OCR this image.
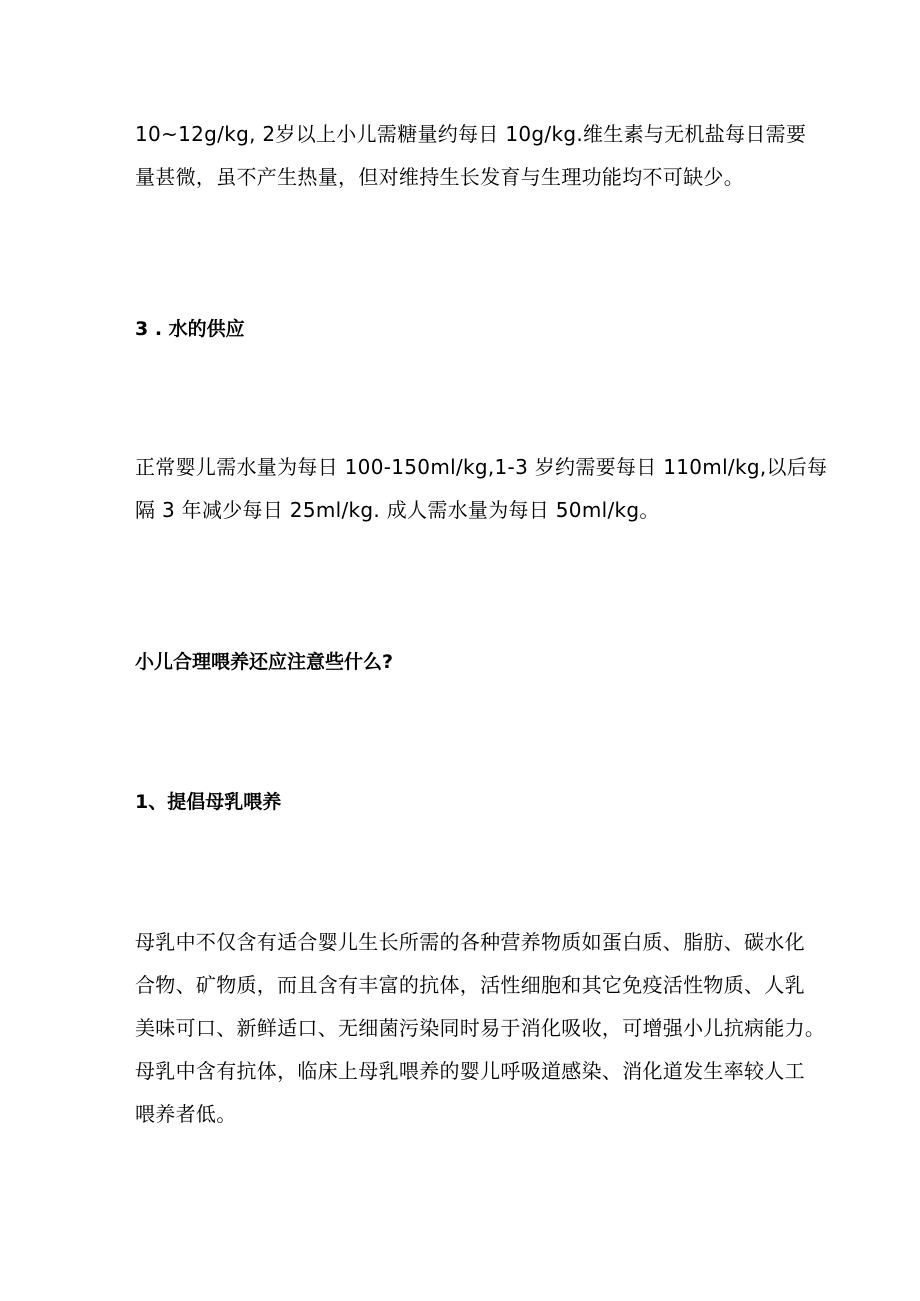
10~12g/kg, 2岁以上小儿需糖量约每日 10g/kg.维生素与无机盐每日需要
量甚微，虽不产生热量，但对维持生长发育与生理功能均不可缺少。

3 . 水的供应

正常婴儿需水量为每日 100-150ml/kg,1-3 岁约需要每日 110ml/kg,以后每
隔 3 年减少每日 25ml/kg. 成人需水量为每日 50ml/kg。

小儿合理喂养还应注意些什么?
1、提倡母乳喂养

母乳中不仅含有适合婴儿生长所需的各种营养物质如蛋白质、脂肪、碳水化
合物、矿物质，而且含有丰富的抗体，活性细胞和其它免疫活性物质、人乳
美味可口、新鲜适口、无细菌污染同时易于消化吸收，可增强小儿抗病能力。
母乳中含有抗体，临床上母乳喂养的婴儿呼吸道感染、消化道发生率较人工
喂养者低。
